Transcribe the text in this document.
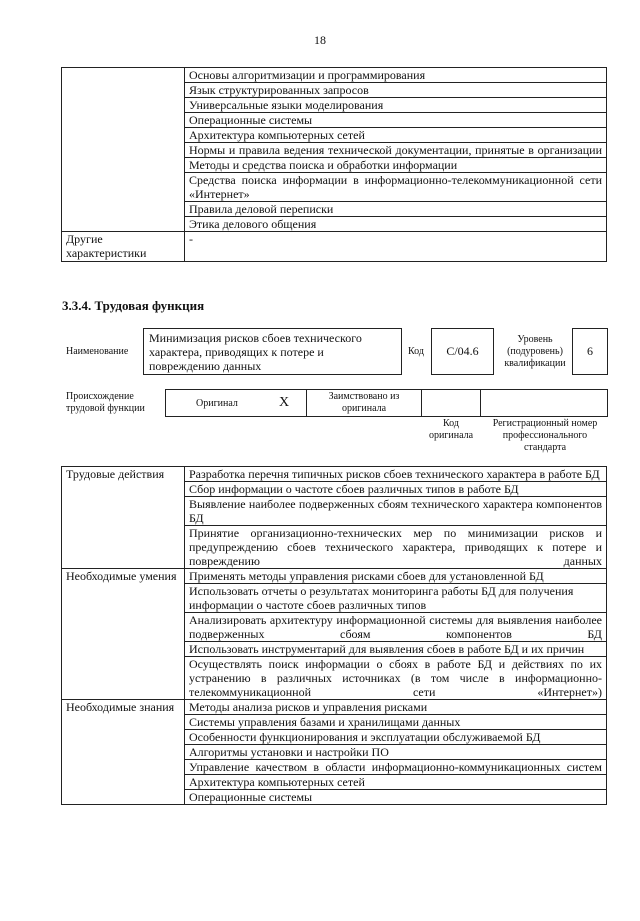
18
	Основы алгоритмизации и программирования
	Язык структурированных запросов
	Универсальные языки моделирования
	Операционные системы
	Архитектура компьютерных сетей
	Нормы и правила ведения технической документации, принятые в организации
	Методы и средства поиска и обработки информации
	Средства поиска информации в информационно-телекоммуникационной сети «Интернет»
	Правила деловой переписки
	Этика делового общения
Другие характеристики	-
3.3.4. Трудовая функция
Наименование
Минимизация рисков сбоев технического характера, приводящих к потере и повреждению данных
Код	C/04.6
Уровень (подуровень) квалификации
6
Происхождение трудовой функции	Оригинал	X	Заимствовано из оригинала
Код оригинала
Регистрационный номер профессионального стандарта
Трудовые действия	Разработка перечня типичных рисков сбоев технического характера в работе БД
	Сбор информации о частоте сбоев различных типов в работе БД
	Выявление наиболее подверженных сбоям технического характера компонентов БД
	Принятие организационно-технических мер по минимизации рисков и предупреждению сбоев технического характера, приводящих к потере и повреждению данных
Необходимые умения	Применять методы управления рисками сбоев для установленной БД
	Использовать отчеты о результатах мониторинга работы БД для получения информации о частоте сбоев различных типов
	Анализировать архитектуру информационной системы для выявления наиболее подверженных сбоям компонентов БД
	Использовать инструментарий для выявления сбоев в работе БД и их причин
	Осуществлять поиск информации о сбоях в работе БД и действиях по их устранению в различных источниках (в том числе в информационно-телекоммуникационной сети «Интернет»)
Необходимые знания	Методы анализа рисков и управления рисками
	Системы управления базами и хранилищами данных
	Особенности функционирования и эксплуатации обслуживаемой БД
	Алгоритмы установки и настройки ПО
	Управление качеством в области информационно-коммуникационных систем
	Архитектура компьютерных сетей
	Операционные системы
